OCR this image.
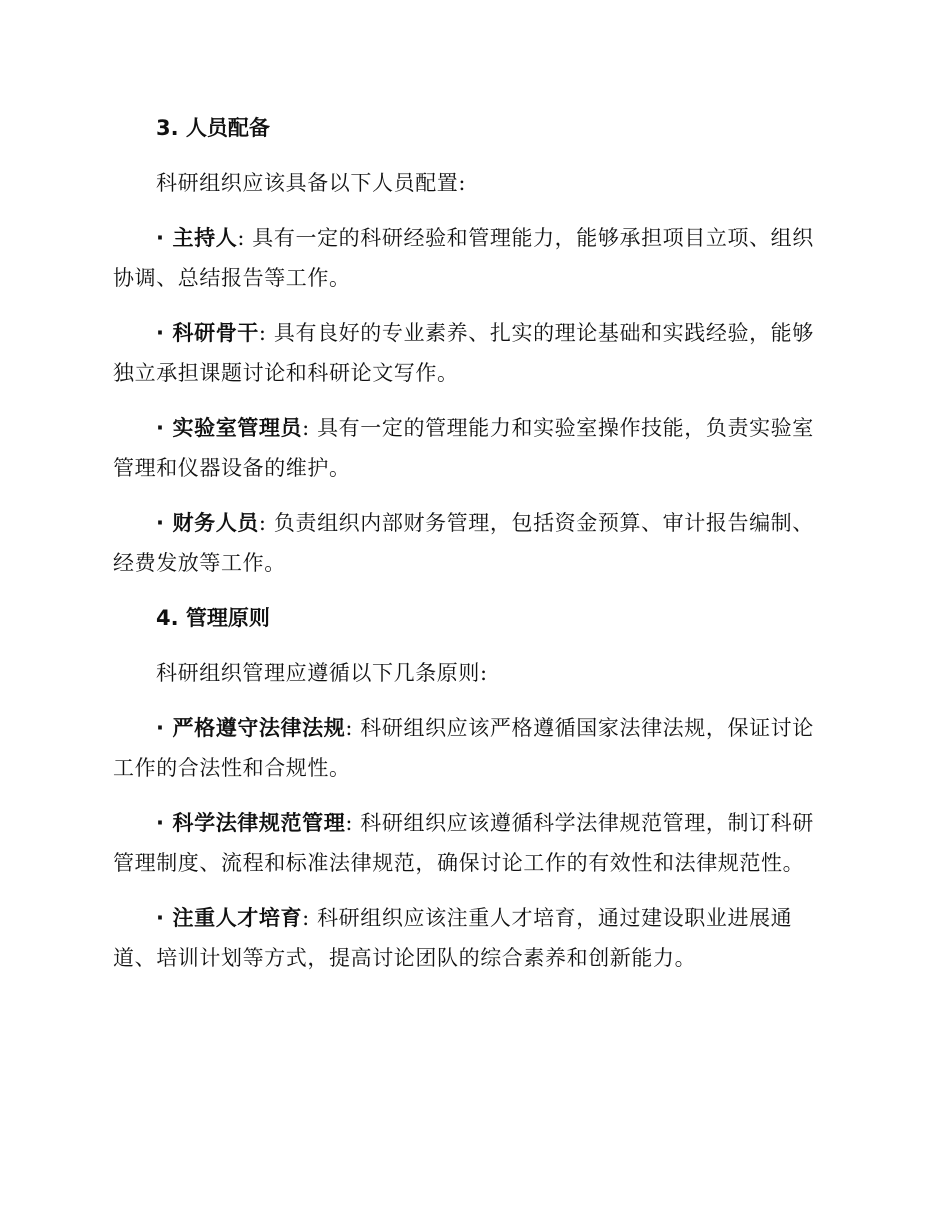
3. 人员配备

科研组织应该具备以下人员配置:

· 主持人: 具有一定的科研经验和管理能力，能够承担项目立项、组织协调、总结报告等工作。

· 科研骨干: 具有良好的专业素养、扎实的理论基础和实践经验，能够独立承担课题讨论和科研论文写作。

· 实验室管理员: 具有一定的管理能力和实验室操作技能，负责实验室管理和仪器设备的维护。

· 财务人员: 负责组织内部财务管理，包括资金预算、审计报告编制、经费发放等工作。

4. 管理原则

科研组织管理应遵循以下几条原则:

· 严格遵守法律法规: 科研组织应该严格遵循国家法律法规，保证讨论工作的合法性和合规性。

· 科学法律规范管理: 科研组织应该遵循科学法律规范管理，制订科研管理制度、流程和标准法律规范，确保讨论工作的有效性和法律规范性。

· 注重人才培育: 科研组织应该注重人才培育，通过建设职业进展通道、培训计划等方式，提高讨论团队的综合素养和创新能力。
